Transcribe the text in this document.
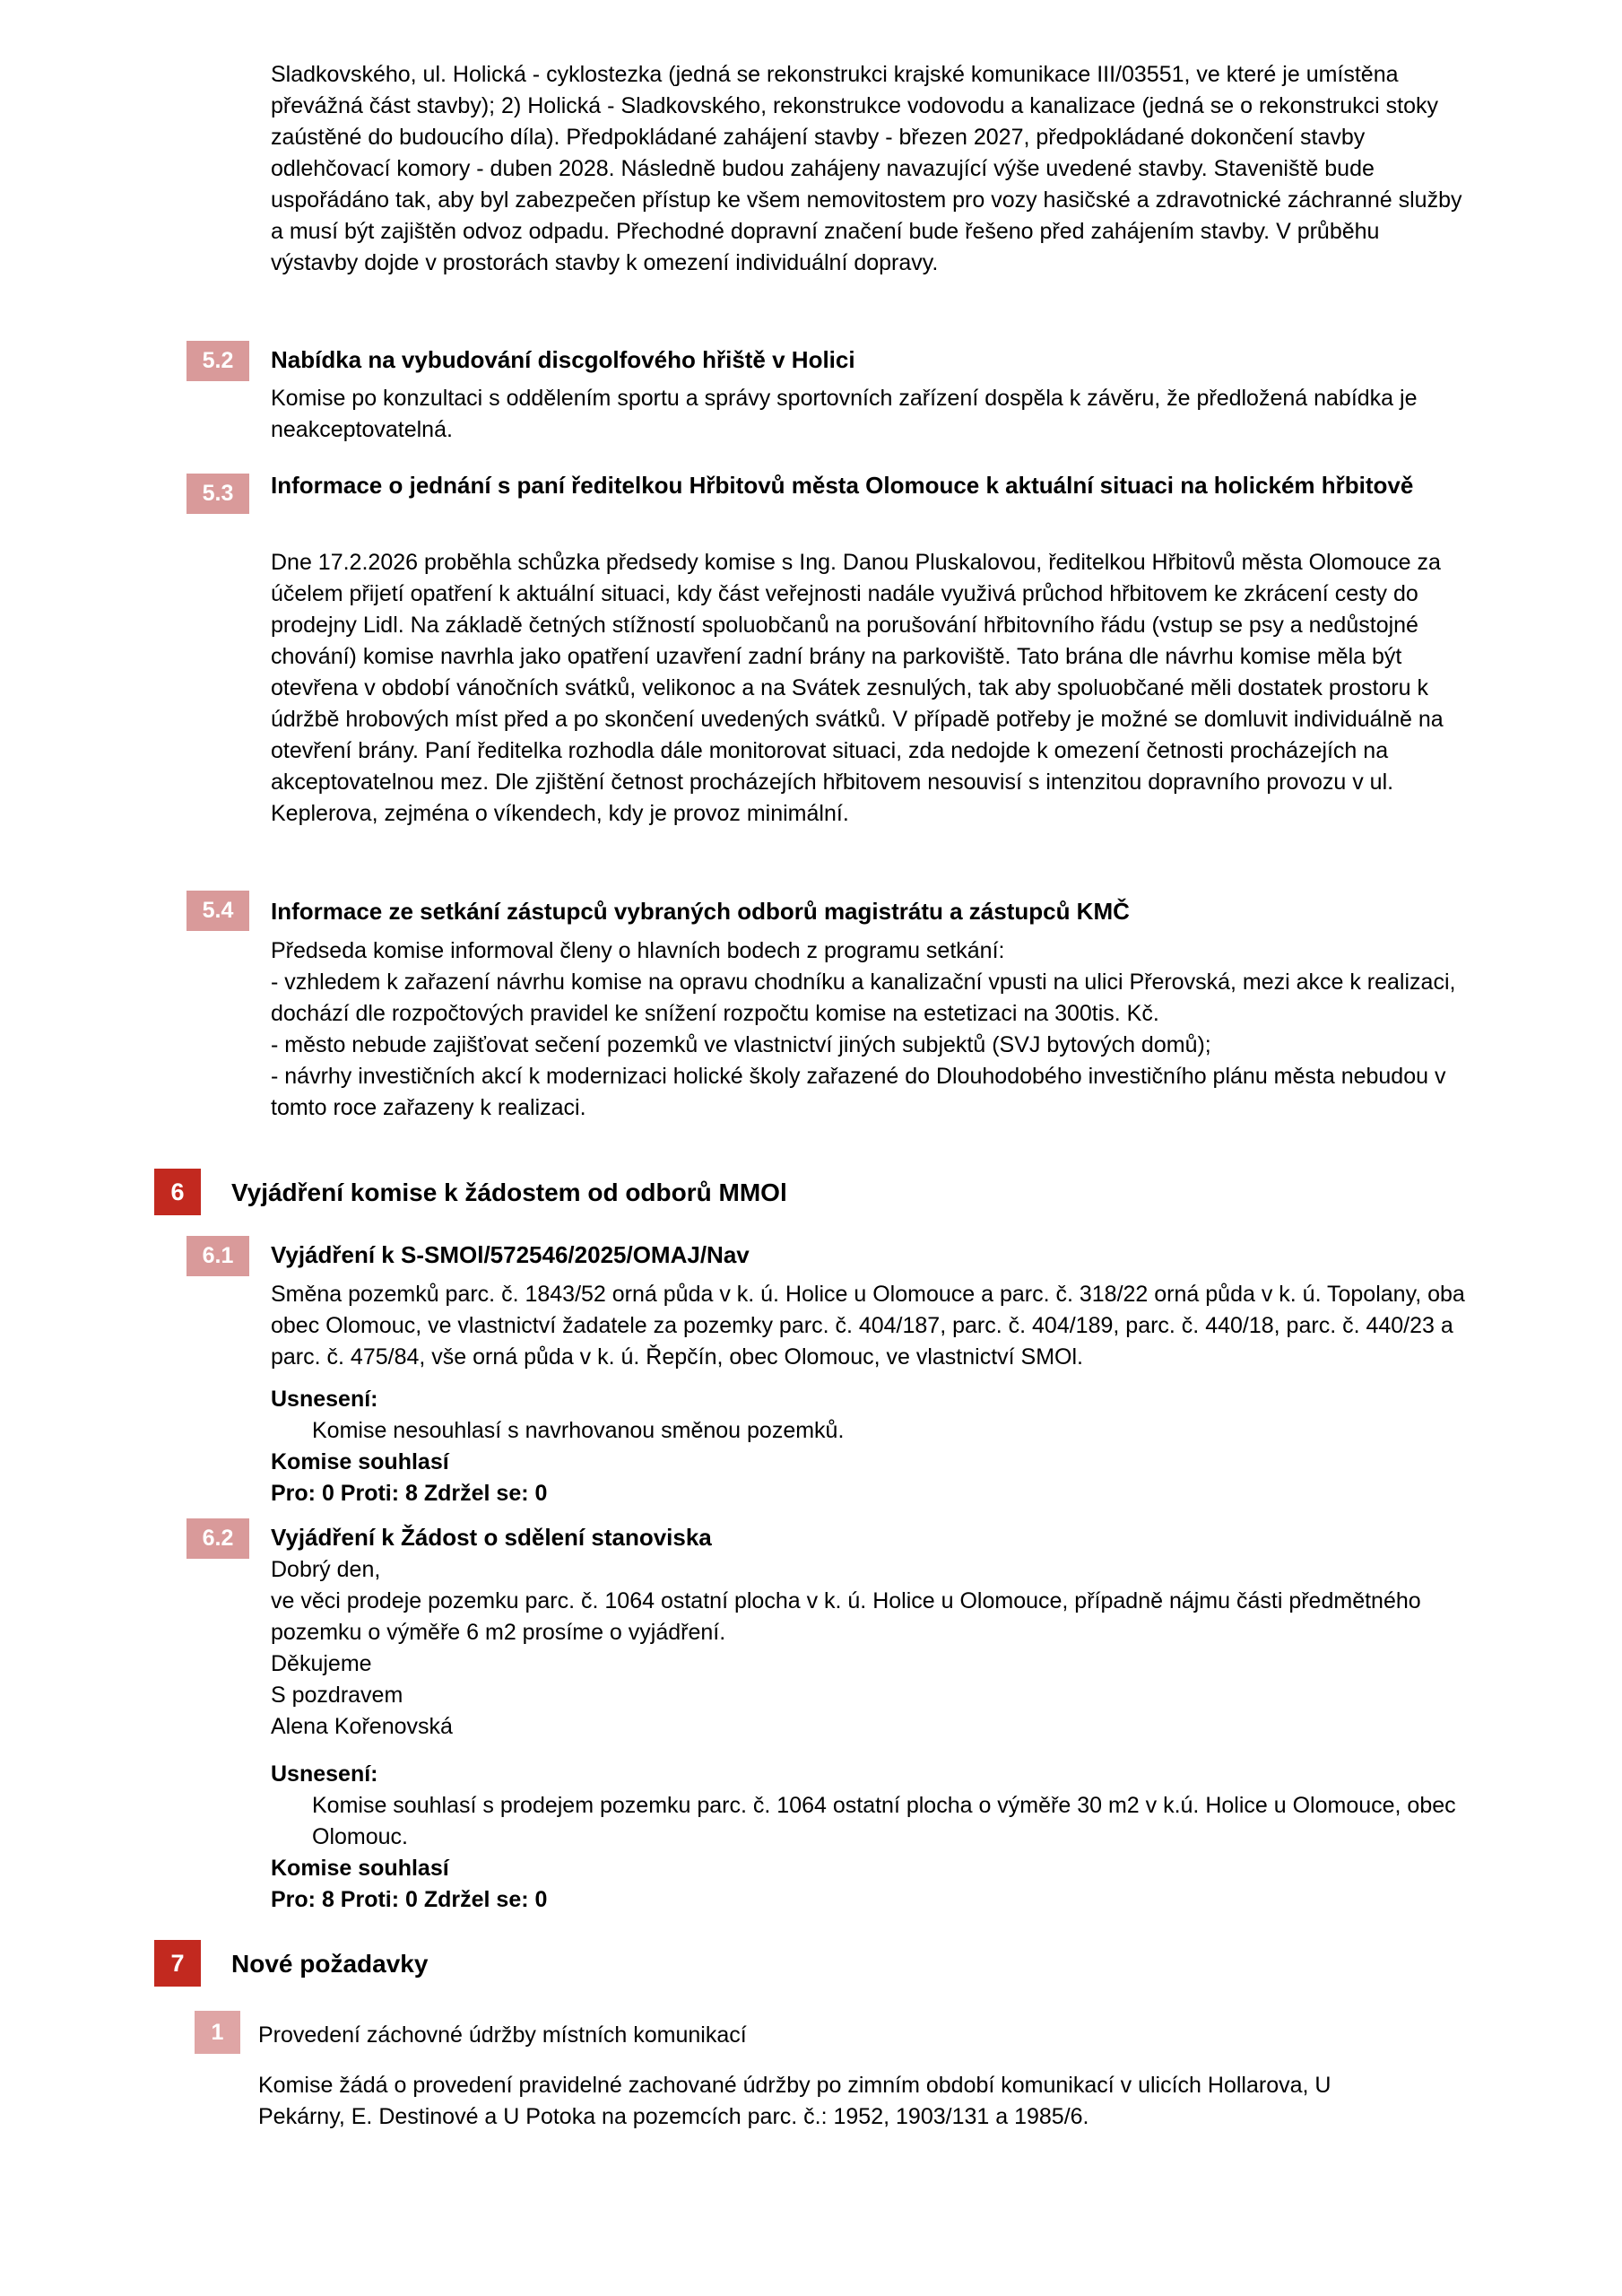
Sladkovského, ul. Holická - cyklostezka (jedná se rekonstrukci krajské komunikace III/03551, ve které je umístěna převážná část stavby); 2) Holická - Sladkovského, rekonstrukce vodovodu a kanalizace (jedná se o rekonstrukci stoky zaústěné do budoucího díla). Předpokládané zahájení stavby - březen 2027, předpokládané dokončení stavby odlehčovací komory - duben 2028. Následně budou zahájeny navazující výše uvedené stavby. Staveniště bude uspořádáno tak, aby byl zabezpečen přístup ke všem nemovitostem pro vozy hasičské a zdravotnické záchranné služby a musí být zajištěn odvoz odpadu. Přechodné dopravní značení bude řešeno před zahájením stavby. V průběhu výstavby dojde v prostorách stavby k omezení individuální dopravy.
5.2 Nabídka na vybudování discgolfového hřiště v Holici
Komise po konzultaci s oddělením sportu a správy sportovních zařízení dospěla k závěru, že předložená nabídka je neakceptovatelná.
5.3 Informace o jednání s paní ředitelkou Hřbitovů města Olomouce k aktuální situaci na holickém hřbitově
Dne 17.2.2026 proběhla schůzka předsedy komise s Ing. Danou Pluskalovou, ředitelkou Hřbitovů města Olomouce za účelem přijetí opatření k aktuální situaci, kdy část veřejnosti nadále využivá průchod hřbitovem ke zkrácení cesty do prodejny Lidl. Na základě četných stížností spoluobčanů na porušování hřbitovního řádu (vstup se psy a nedůstojné chování) komise navrhla jako opatření uzavření zadní brány na parkoviště. Tato brána dle návrhu komise měla být otevřena v období vánočních svátků, velikonoc a na Svátek zesnulých, tak aby spoluobčané měli dostatek prostoru k údržbě hrobových míst před a po skončení uvedených svátků. V případě potřeby je možné se domluvit individuálně na otevření brány. Paní ředitelka rozhodla dále monitorovat situaci, zda nedojde k omezení četnosti procházejích na akceptovatelnou mez. Dle zjištění četnost procházejích hřbitovem nesouvisí s intenzitou dopravního provozu v ul. Keplerova, zejména o víkendech, kdy je provoz minimální.
5.4 Informace ze setkání zástupců vybraných odborů magistrátu a zástupců KMČ
Předseda komise informoval členy o hlavních bodech z programu setkání:
- vzhledem k zařazení návrhu komise na opravu chodníku a kanalizační vpusti na ulici Přerovská, mezi akce k realizaci, dochází dle rozpočtových pravidel ke snížení rozpočtu komise na estetizaci na 300tis. Kč.
- město nebude zajišťovat sečení pozemků ve vlastnictví jiných subjektů (SVJ bytových domů);
- návrhy investičních akcí k modernizaci holické školy zařazené do Dlouhodobého investičního plánu města nebudou v tomto roce zařazeny k realizaci.
6 Vyjádření komise k žádostem od odborů MMOl
6.1 Vyjádření k S-SMOl/572546/2025/OMAJ/Nav
Směna pozemků parc. č. 1843/52 orná půda v k. ú. Holice u Olomouce a parc. č. 318/22 orná půda v k. ú. Topolany, oba obec Olomouc, ve vlastnictví žadatele za pozemky parc. č. 404/187, parc. č. 404/189, parc. č. 440/18, parc. č. 440/23 a parc. č. 475/84, vše orná půda v k. ú. Řepčín, obec Olomouc, ve vlastnictví SMOl.
Usnesení:
Komise nesouhlasí s navrhovanou směnou pozemků.
Komise souhlasí
Pro: 0 Proti: 8 Zdržel se: 0
6.2 Vyjádření k Žádost o sdělení stanoviska
Dobrý den,
ve věci prodeje pozemku parc. č. 1064 ostatní plocha v k. ú. Holice u Olomouce, případně nájmu části předmětného pozemku o výměře 6 m2 prosíme o vyjádření.
Děkujeme
S pozdravem
Alena Kořenovská
Usnesení:
Komise souhlasí s prodejem pozemku parc. č. 1064 ostatní plocha o výměře 30 m2 v k.ú. Holice u Olomouce, obec Olomouc.
Komise souhlasí
Pro: 8 Proti: 0 Zdržel se: 0
7 Nové požadavky
1 Provedení záchovné údržby místních komunikací
Komise žádá o provedení pravidelné zachované údržby po zimním období komunikací v ulicích Hollarova, U Pekárny, E. Destinové a U Potoka na pozemcích parc. č.: 1952, 1903/131 a 1985/6.
